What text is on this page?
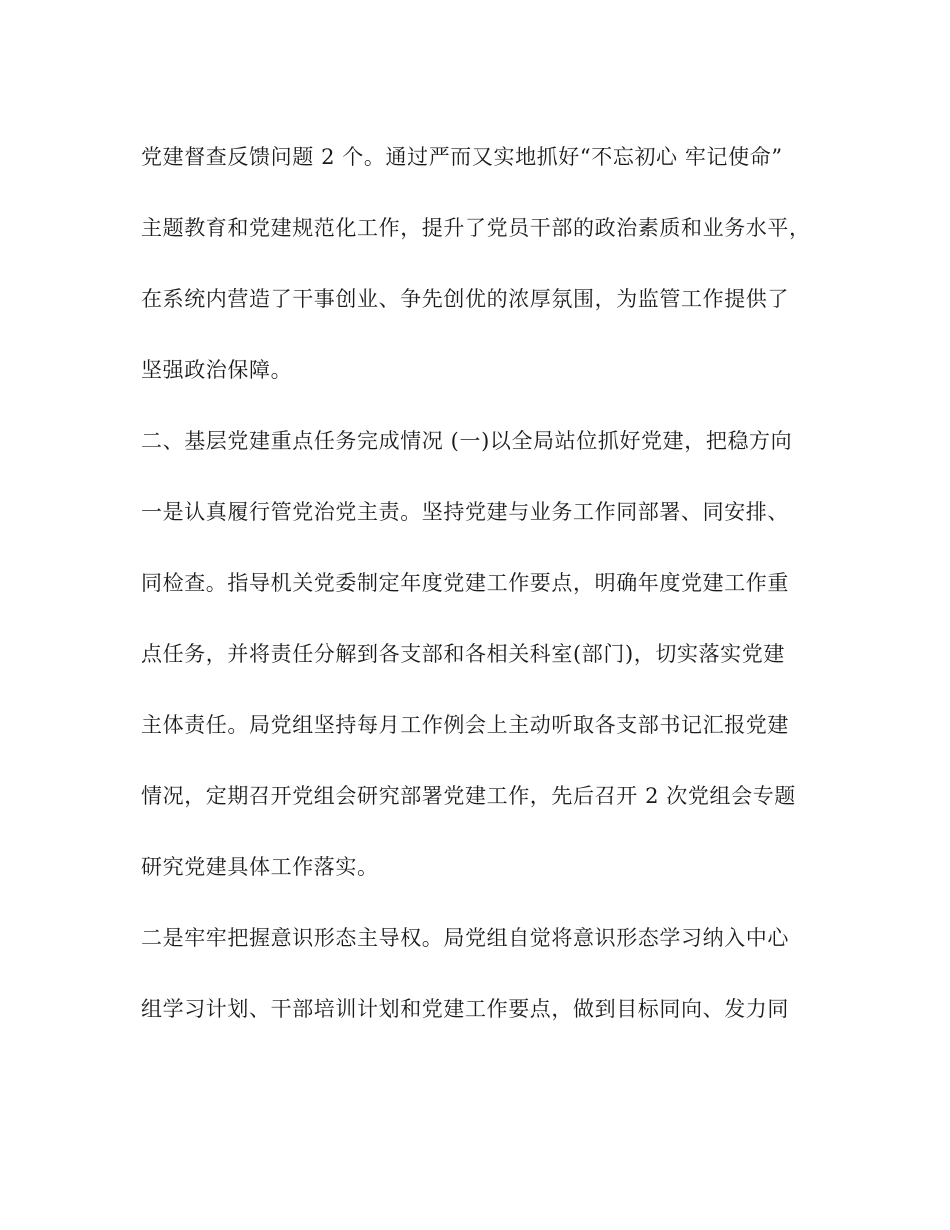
党建督查反馈问题 2 个。通过严而又实地抓好“不忘初心 牢记使命”

主题教育和党建规范化工作，提升了党员干部的政治素质和业务水平，

在系统内营造了干事创业、争先创优的浓厚氛围，为监管工作提供了

坚强政治保障。

二、基层党建重点任务完成情况 (一)以全局站位抓好党建，把稳方向

一是认真履行管党治党主责。坚持党建与业务工作同部署、同安排、

同检查。指导机关党委制定年度党建工作要点，明确年度党建工作重

点任务，并将责任分解到各支部和各相关科室(部门)，切实落实党建

主体责任。局党组坚持每月工作例会上主动听取各支部书记汇报党建

情况，定期召开党组会研究部署党建工作，先后召开 2 次党组会专题

研究党建具体工作落实。

二是牢牢把握意识形态主导权。局党组自觉将意识形态学习纳入中心

组学习计划、干部培训计划和党建工作要点，做到目标同向、发力同
